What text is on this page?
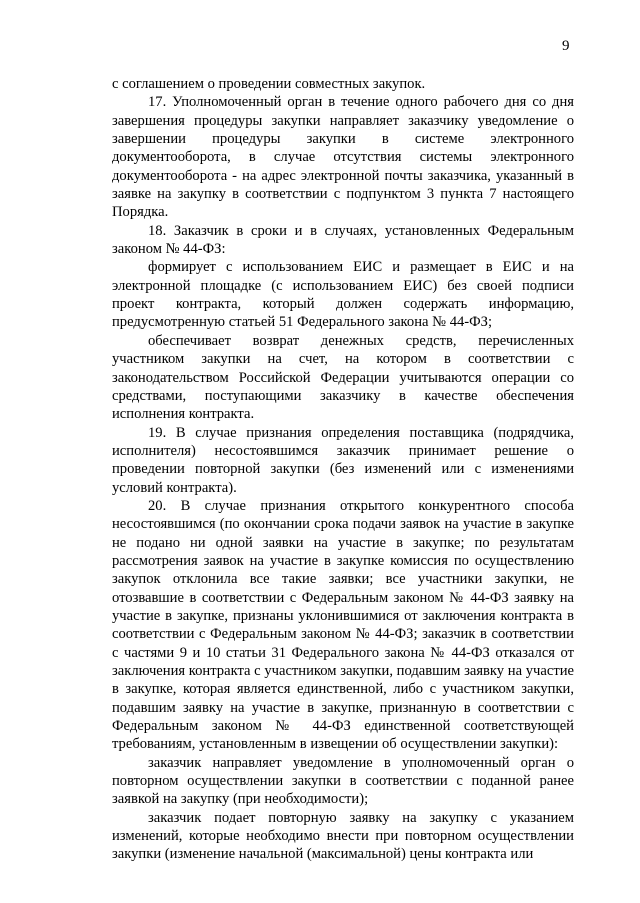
9

с соглашением о проведении совместных закупок.

17. Уполномоченный орган в течение одного рабочего дня со дня завершения процедуры закупки направляет заказчику уведомление о завершении процедуры закупки в системе электронного документооборота, в случае отсутствия системы электронного документооборота - на адрес электронной почты заказчика, указанный в заявке на закупку в соответствии с подпунктом 3 пункта 7 настоящего Порядка.

18. Заказчик в сроки и в случаях, установленных Федеральным законом № 44-ФЗ:

формирует с использованием ЕИС и размещает в ЕИС и на электронной площадке (с использованием ЕИС) без своей подписи проект контракта, который должен содержать информацию, предусмотренную статьей 51 Федерального закона № 44-ФЗ;

обеспечивает возврат денежных средств, перечисленных участником закупки на счет, на котором в соответствии с законодательством Российской Федерации учитываются операции со средствами, поступающими заказчику в качестве обеспечения исполнения контракта.

19. В случае признания определения поставщика (подрядчика, исполнителя) несостоявшимся заказчик принимает решение о проведении повторной закупки (без изменений или с изменениями условий контракта).

20. В случае признания открытого конкурентного способа несостоявшимся (по окончании срока подачи заявок на участие в закупке не подано ни одной заявки на участие в закупке; по результатам рассмотрения заявок на участие в закупке комиссия по осуществлению закупок отклонила все такие заявки; все участники закупки, не отозвавшие в соответствии с Федеральным законом № 44-ФЗ заявку на участие в закупке, признаны уклонившимися от заключения контракта в соответствии с Федеральным законом № 44-ФЗ; заказчик в соответствии с частями 9 и 10 статьи 31 Федерального закона № 44-ФЗ отказался от заключения контракта с участником закупки, подавшим заявку на участие в закупке, которая является единственной, либо с участником закупки, подавшим заявку на участие в закупке, признанную в соответствии с Федеральным законом № 44-ФЗ единственной соответствующей требованиям, установленным в извещении об осуществлении закупки):

заказчик направляет уведомление в уполномоченный орган о повторном осуществлении закупки в соответствии с поданной ранее заявкой на закупку (при необходимости);

заказчик подает повторную заявку на закупку с указанием изменений, которые необходимо внести при повторном осуществлении закупки (изменение начальной (максимальной) цены контракта или
